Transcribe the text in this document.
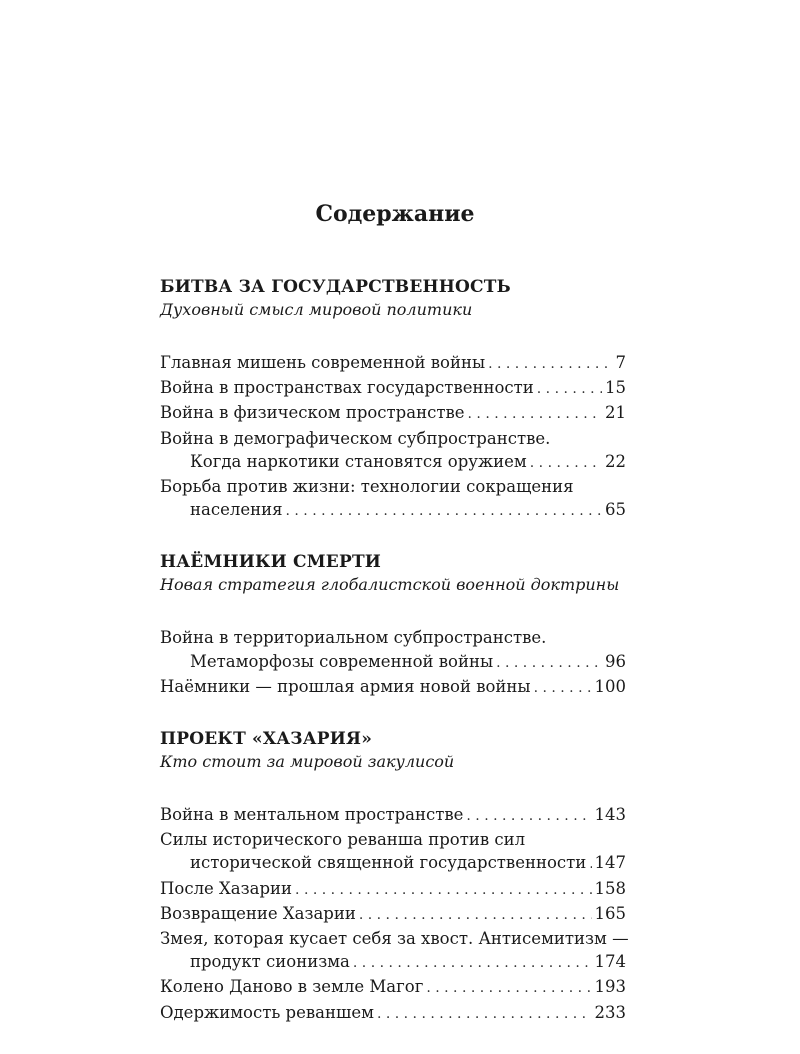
Содержание
БИТВА ЗА ГОСУДАРСТВЕННОСТЬ
Духовный смысл мировой политики
Главная мишень современной войны . . .	7
Война в пространствах государственности . . .	15
Война в физическом пространстве . . .	21
Война в демографическом субпространстве.
Когда наркотики становятся оружием . . .	22
Борьба против жизни: технологии сокращения
населения . . .	65
НАЁМНИКИ СМЕРТИ
Новая стратегия глобалистской военной доктрины
Война в территориальном субпространстве.
Метаморфозы современной войны . . .	96
Наёмники — прошлая армия новой войны . . .	100
ПРОЕКТ «ХАЗАРИЯ»
Кто стоит за мировой закулисой
Война в ментальном пространстве . . .	143
Силы исторического реванша против сил
исторической священной государственности . . . 147
После Хазарии . . .	158
Возвращение Хазарии . . .	165
Змея, которая кусает себя за хвост. Антисемитизм —
продукт сионизма . . .	174
Колено Даново в земле Магог . . .	193
Одержимость реваншем . . .	233
